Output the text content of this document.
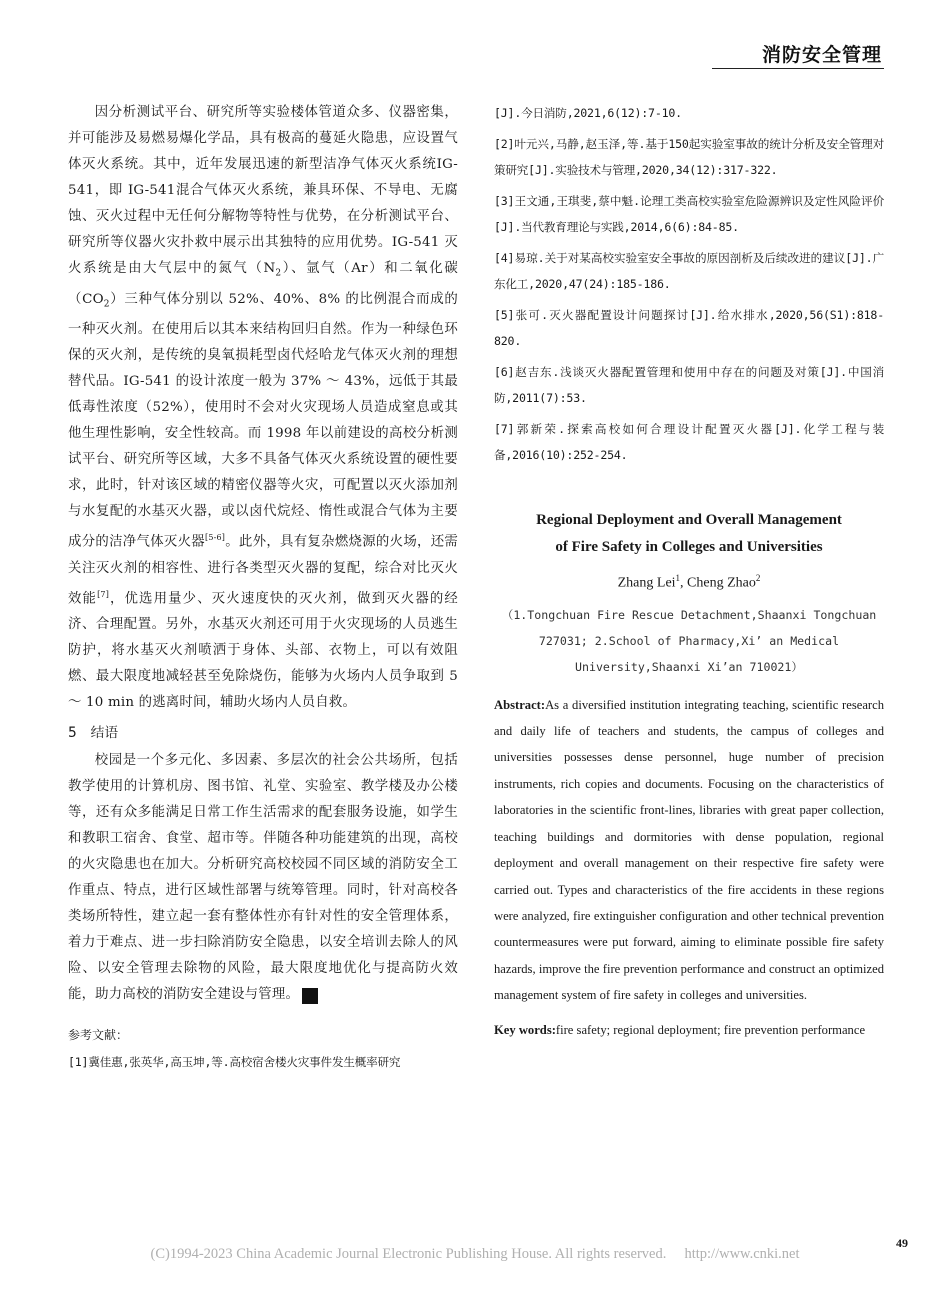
消防安全管理

因分析测试平台、研究所等实验楼体管道众多、仪器密集，并可能涉及易燃易爆化学品，具有极高的蔓延火隐患，应设置气体灭火系统。其中，近年发展迅速的新型洁净气体灭火系统IG-541，即 IG-541混合气体灭火系统，兼具环保、不导电、无腐蚀、灭火过程中无任何分解物等特性与优势，在分析测试平台、研究所等仪器火灾扑救中展示出其独特的应用优势。IG-541 灭火系统是由大气层中的氮气$(N_2)$、氩气（Ar）和二氧化碳$(CO_2)$三种气体分别以 52%、40%、8% 的比例混合而成的一种灭火剂。在使用后以其本来结构回归自然。作为一种绿色环保的灭火剂，是传统的臭氧损耗型卤代烃哈龙气体灭火剂的理想替代品。IG-541 的设计浓度一般为 37% ～ 43%，远低于其最低毒性浓度（52%），使用时不会对火灾现场人员造成窒息或其他生理性影响，安全性较高。而 1998 年以前建设的高校分析测试平台、研究所等区域，大多不具备气体灭火系统设置的硬性要求，此时，针对该区域的精密仪器等火灾，可配置以灭火添加剂与水复配的水基灭火器，或以卤代烷烃、惰性或混合气体为主要成分的洁净气体灭火器[5-6]。此外，具有复杂燃烧源的火场，还需关注灭火剂的相容性、进行各类型灭火器的复配，综合对比灭火效能[7]，优选用量少、灭火速度快的灭火剂，做到灭火器的经济、合理配置。另外，水基灭火剂还可用于火灾现场的人员逃生防护，将水基灭火剂喷洒于身体、头部、衣物上，可以有效阻燃、最大限度地减轻甚至免除烧伤，能够为火场内人员争取到 5 ～ 10 min 的逃离时间，辅助火场内人员自救。

5　结语

校园是一个多元化、多因素、多层次的社会公共场所，包括教学使用的计算机房、图书馆、礼堂、实验室、教学楼及办公楼等，还有众多能满足日常工作生活需求的配套服务设施，如学生和教职工宿舍、食堂、超市等。伴随各种功能建筑的出现，高校的火灾隐患也在加大。分析研究高校校园不同区域的消防安全工作重点、特点，进行区域性部署与统筹管理。同时，针对高校各类场所特性，建立起一套有整体性亦有针对性的安全管理体系，着力于难点、进一步扫除消防安全隐患，以安全培训去除人的风险、以安全管理去除物的风险，最大限度地优化与提高防火效能，助力高校的消防安全建设与管理。 G

参考文献：
[1]冀佳惠,张英华,高玉坤,等.高校宿舍楼火灾事件发生概率研究
[J].今日消防,2021,6(12):7-10.
[2]叶元兴,马静,赵玉泽,等.基于150起实验室事故的统计分析及安全管理对策研究[J].实验技术与管理,2020,34(12):317-322.
[3]王文通,王琪斐,蔡中魁.论理工类高校实验室危险源辨识及定性风险评价[J].当代教育理论与实践,2014,6(6):84-85.
[4]易琼.关于对某高校实验室安全事故的原因剖析及后续改进的建议[J].广东化工,2020,47(24):185-186.
[5]张可.灭火器配置设计问题探讨[J].给水排水,2020,56(S1):818-820.
[6]赵吉东.浅谈灭火器配置管理和使用中存在的问题及对策[J].中国消防,2011(7):53.
[7]郭新荣.探索高校如何合理设计配置灭火器[J].化学工程与装备,2016(10):252-254.

Regional Deployment and Overall Management

of Fire Safety in Colleges and Universities

Zhang Lei$^1$, Cheng Zhao$^2$

（1.Tongchuan Fire Rescue Detachment,Shaanxi Tongchuan 727031; 2.School of Pharmacy,Xi’ an Medical University,Shaanxi Xi’an 710021）

Abstract:As a diversified institution integrating teaching, scientific research and daily life of teachers and students, the campus of colleges and universities possesses dense personnel, huge number of precision instruments, rich copies and documents. Focusing on the characteristics of laboratories in the scientific front-lines, libraries with great paper collection, teaching buildings and dormitories with dense population, regional deployment and overall management on their respective fire safety were carried out. Types and characteristics of the fire accidents in these regions were analyzed, fire extinguisher configuration and other technical prevention countermeasures were put forward, aiming to eliminate possible fire safety hazards, improve the fire prevention performance and construct an optimized management system of fire safety in colleges and universities.

Key words:fire safety; regional deployment; fire prevention performance

(C)1994-2023 China Academic Journal Electronic Publishing House. All rights reserved.　 http://www.cnki.net
49
